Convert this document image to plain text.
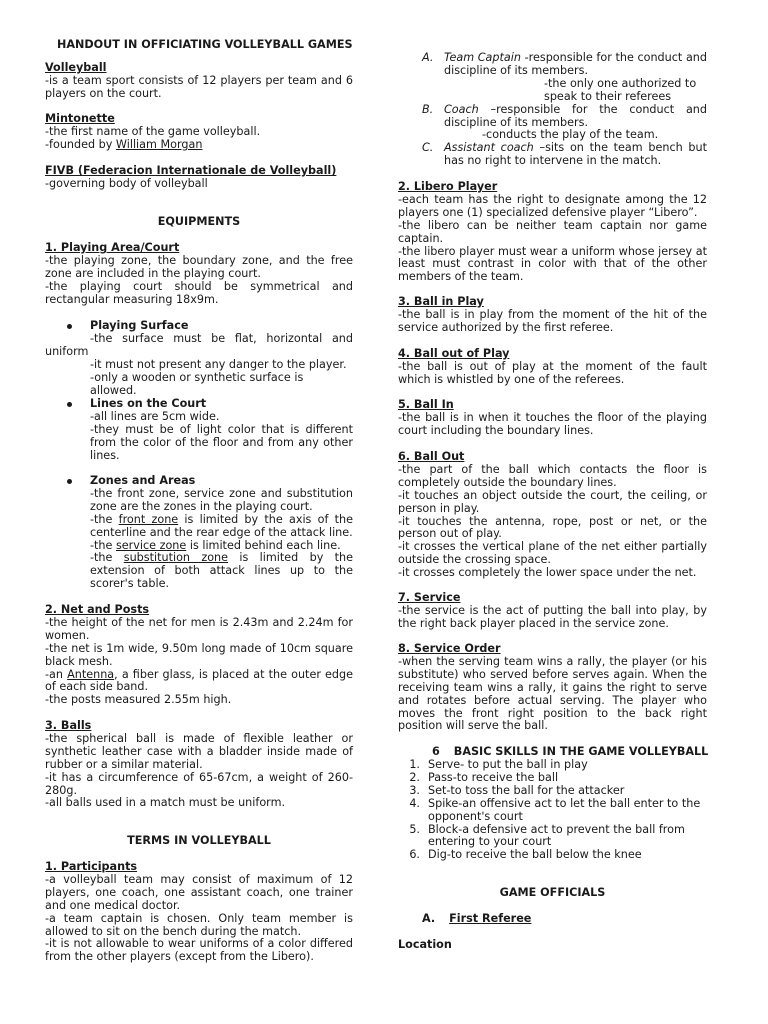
HANDOUT IN OFFICIATING VOLLEYBALL GAMES

Volleyball

-is a team sport consists of 12 players per team and 6 players on the court.

Mintonette

-the first name of the game volleyball.

-founded by William Morgan

FIVB (Federacion Internationale de Volleyball)

-governing body of volleyball

EQUIPMENTS

1. Playing Area/Court

-the playing zone, the boundary zone, and the free zone are included in the playing court.

-the playing court should be symmetrical and rectangular measuring 18x9m.

Playing Surface

-the surface must be flat, horizontal and uniform

-it must not present any danger to the player.

-only a wooden or synthetic surface is allowed.

Lines on the Court

-all lines are 5cm wide.

-they must be of light color that is different from the color of the floor and from any other lines.

Zones and Areas

-the front zone, service zone and substitution zone are the zones in the playing court.

-the front zone is limited by the axis of the centerline and the rear edge of the attack line.

-the service zone is limited behind each line.

-the substitution zone is limited by the extension of both attack lines up to the scorer's table.

2. Net and Posts

-the height of the net for men is 2.43m and 2.24m for women.

-the net is 1m wide, 9.50m long made of 10cm square black mesh.

-an Antenna, a fiber glass, is placed at the outer edge of each side band.

-the posts measured 2.55m high.

3. Balls

-the spherical ball is made of flexible leather or synthetic leather case with a bladder inside made of rubber or a similar material.

-it has a circumference of 65-67cm, a weight of 260-280g.

-all balls used in a match must be uniform.

TERMS IN VOLLEYBALL

1. Participants

-a volleyball team may consist of maximum of 12 players, one coach, one assistant coach, one trainer and one medical doctor.

-a team captain is chosen. Only team member is allowed to sit on the bench during the match.

-it is not allowable to wear uniforms of a color differed from the other players (except from the Libero).

A. Team Captain -responsible for the conduct and discipline of its members.

-the only one authorized to speak to their referees

B. Coach –responsible for the conduct and discipline of its members.

-conducts the play of the team.

C. Assistant coach –sits on the team bench but has no right to intervene in the match.

2. Libero Player

-each team has the right to designate among the 12 players one (1) specialized defensive player “Libero”.

-the libero can be neither team captain nor game captain.

-the libero player must wear a uniform whose jersey at least must contrast in color with that of the other members of the team.

3. Ball in Play

-the ball is in play from the moment of the hit of the service authorized by the first referee.

4. Ball out of Play

-the ball is out of play at the moment of the fault which is whistled by one of the referees.

5. Ball In

-the ball is in when it touches the floor of the playing court including the boundary lines.

6. Ball Out

-the part of the ball which contacts the floor is completely outside the boundary lines.

-it touches an object outside the court, the ceiling, or person in play.

-it touches the antenna, rope, post or net, or the person out of play.

-it crosses the vertical plane of the net either partially outside the crossing space.

-it crosses completely the lower space under the net.

7. Service

-the service is the act of putting the ball into play, by the right back player placed in the service zone.

8. Service Order

-when the serving team wins a rally, the player (or his substitute) who served before serves again. When the receiving team wins a rally, it gains the right to serve and rotates before actual serving. The player who moves the front right position to the back right position will serve the ball.

6 BASIC SKILLS IN THE GAME VOLLEYBALL

1. Serve- to put the ball in play

2. Pass-to receive the ball

3. Set-to toss the ball for the attacker

4. Spike-an offensive act to let the ball enter to the opponent's court

5. Block-a defensive act to prevent the ball from entering to your court

6. Dig-to receive the ball below the knee

GAME OFFICIALS

A. First Referee

Location
